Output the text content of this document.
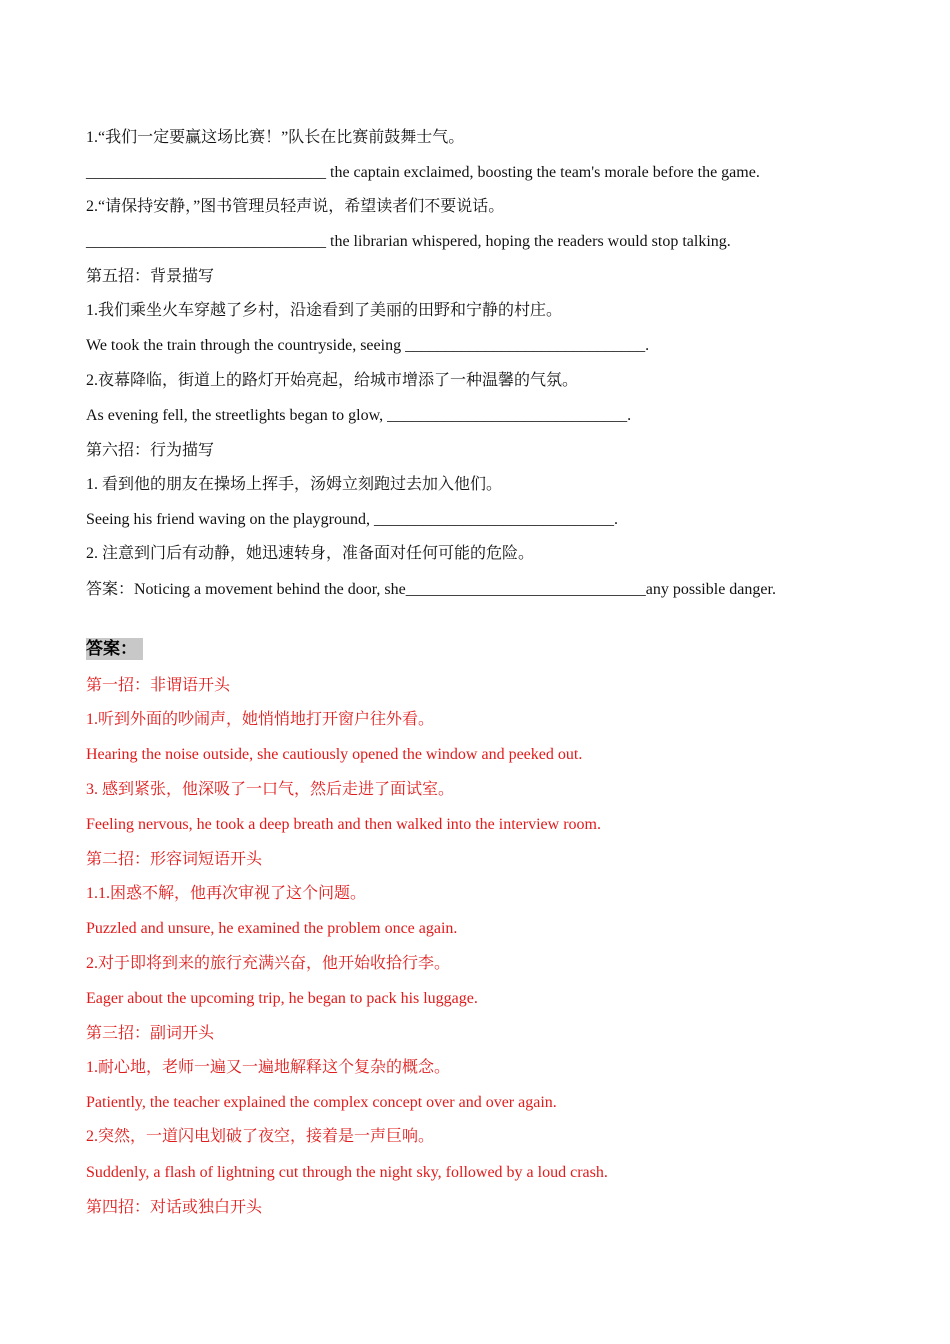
1.“我们一定要赢这场比赛！”队长在比赛前鼓舞士气。
______________________________ the captain exclaimed, boosting the team's morale before the game.
2.“请保持安静，”图书管理员轻声说，希望读者们不要说话。
______________________________ the librarian whispered, hoping the readers would stop talking.
第五招：背景描写
1.我们乘坐火车穿越了乡村，沿途看到了美丽的田野和宁静的村庄。
We took the train through the countryside, seeing ______________________________.
2.夜幕降临，街道上的路灯开始亮起，给城市增添了一种温馨的气氛。
As evening fell, the streetlights began to glow, ______________________________.
第六招：行为描写
1. 看到他的朋友在操场上挥手，汤姆立刻跑过去加入他们。
Seeing his friend waving on the playground, ______________________________.
2. 注意到门后有动静，她迅速转身，准备面对任何可能的危险。
答案：Noticing a movement behind the door, she______________________________any possible danger.
答案：
第一招：非谓语开头
1.听到外面的吵闹声，她悄悄地打开窗户往外看。
Hearing the noise outside, she cautiously opened the window and peeked out.
3. 感到紧张，他深吸了一口气，然后走进了面试室。
Feeling nervous, he took a deep breath and then walked into the interview room.
第二招：形容词短语开头
1.1.困惑不解，他再次审视了这个问题。
Puzzled and unsure, he examined the problem once again.
2.对于即将到来的旅行充满兴奋，他开始收拾行李。
Eager about the upcoming trip, he began to pack his luggage.
第三招：副词开头
1.耐心地，老师一遍又一遍地解释这个复杂的概念。
Patiently, the teacher explained the complex concept over and over again.
2.突然，一道闪电划破了夜空，接着是一声巨响。
Suddenly, a flash of lightning cut through the night sky, followed by a loud crash.
第四招：对话或独白开头
